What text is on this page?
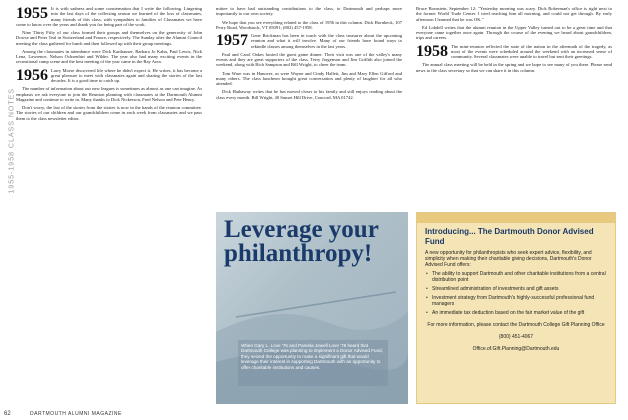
1955-1958 CLASS NOTES
1955 It is with sadness and some consternation that I write the following. Lingering into the last days of the collecting season we learned of the loss of classmates, many friends of this class, with sympathies to families of Classmates we have come to know over the years and thank you for being part of the work.

Nine Thirty Fifty of our class formed their groups and themselves on the generosity of John Dowse and Peter Teal in Switzerland and France, respectively. The Sunday after the Alumni Council meeting the class gathered for lunch and then followed up with their group meetings.

Among the classmates in attendance were Dick Karthauser, Barbara Jo Kahn, Paul Lewis, Nick Lenz, Lawrence, Nelson Ochsenhirt and Wilder. The year also had many exciting events in the recreational camp scene and the best meeting of the year came in the Bay Area.

1956 Larry Morse discovered life where he didn't expect it. He writes, it has become a great pleasure to meet with classmates again and sharing the stories of the last decades. It is a good time to catch up.

The number of information about our new leagues is sometimes as almost as one can imagine. As emphasis we ask everyone to join the Reunion planning with classmates at the Dartmouth Alumni Magazine and continue to write in. Many thanks to Dick Nickerson, Fred Nelson and Pete Henry.

Don't worry, the last of the stories from the sixties is now in the hands of the reunion committee. The stories of our children and our grandchildren come in each week from classmates and we pass them to the class newsletter editor.

mittee to have had outstanding contributions to the class, to Dartmouth and perhaps more importantly to our own society.

We hope that you see everything related to the class of 1956 in this column. Dick Hornbeck, 107 Perry Road, Woodstock, VT 05091; (802) 457-1958.

1957 Gene Brickman has been in touch with the class treasurer about the upcoming reunion and what it will involve. Many of our friends have found ways to rekindle classes among themselves in the last years.

Paul and Carol Oakes hosted the guest game dinner. Their visit was one of the valley's many events and they are great supporters of the class. Terry Jorgenson and Jim Griffith also joined the weekend, along with Rich Sampson and Bill Wright, to cheer the team.

Tom Ware was in Hanover, as were Wayne and Cindy Hallett, Jim and Mary Ellen Gifford and many others. The class luncheon brought great conversation and plenty of laughter for all who attended.

Dick Hathaway writes that he has moved closer to his family and still enjoys reading about the class every month. Bill Wright, 40 Sunset Hill Drive, Concord, MA 01742.

Bruce Bornstein, September 12: "Yesterday morning was scary. Dick Roberman's office is right next to the former World Trade Center. I tried reaching him all morning, and could not get through. By early afternoon I learned that he was OK."

Ed Lobdell writes that the alumni reunion in the Upper Valley turned out to be a great time and that everyone came together once again. Through the course of the evening we heard about grandchildren, trips and careers.

1958 The mini-reunion reflected the state of the nation in the aftermath of the tragedy, as most of the events were scheduled around the weekend with an increased sense of community. Several classmates were unable to travel but sent their greetings.

The annual class meeting will be held in the spring and we hope to see many of you there. Please send news to the class secretary so that we can share it in this column.

Leverage your philanthropy!
When Gary L. Love '76 and Pamela Jewell Love '78 heard that Dartmouth College was planning to implement a Donor Advised Fund, they seized the opportunity to make a significant gift that would leverage their interest in supporting Dartmouth with an opportunity to offer charitable institutions and causes.
Introducing... The Dartmouth Donor Advised Fund

A new opportunity for philanthropists who seek expert advice, flexibility, and simplicity when making their charitable giving decisions, Dartmouth's Donor Advised Fund offers:

• The ability to support Dartmouth and other charitable institutions from a central distribution point
• Streamlined administration of investments and gift assets
• Investment strategy from Dartmouth's highly-successful professional fund managers
• An immediate tax deduction based on the fair market value of the gift

For more information, please contact the Dartmouth College Gift Planning Office

(800) 451-4067

Office.of.Gift.Planning@Dartmouth.edu

62	DARTMOUTH ALUMNI MAGAZINE
